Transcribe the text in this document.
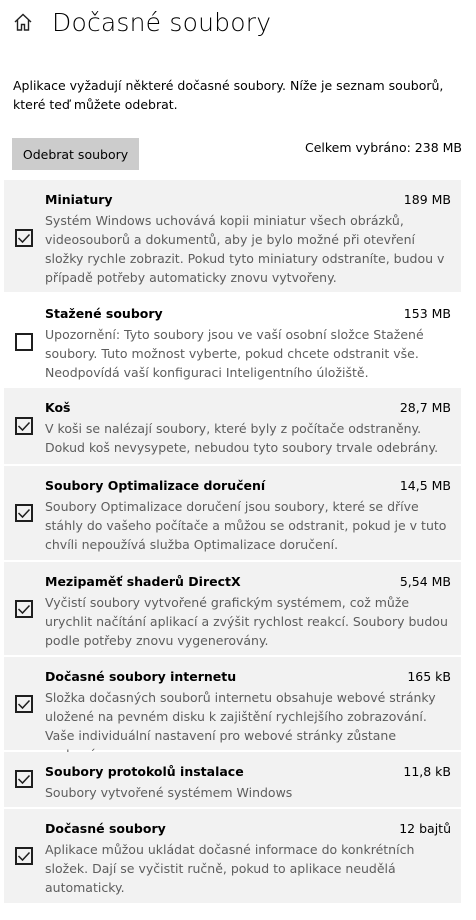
Dočasné soubory
Aplikace vyžadují některé dočasné soubory. Níže je seznam souborů,
které teď můžete odebrat.
Odebrat soubory	Celkem vybráno: 238 MB
Miniatury	189 MB
Systém Windows uchovává kopii miniatur všech obrázků, videosouborů a dokumentů, aby je bylo možné při otevření složky rychle zobrazit. Pokud tyto miniatury odstraníte, budou v případě potřeby automaticky znovu vytvořeny.
Stažené soubory	153 MB
Upozornění: Tyto soubory jsou ve vaší osobní složce Stažené soubory. Tuto možnost vyberte, pokud chcete odstranit vše. Neodpovídá vaší konfiguraci Inteligentního úložiště.
Koš	28,7 MB
V koši se nalézají soubory, které byly z počítače odstraněny. Dokud koš nevysypete, nebudou tyto soubory trvale odebrány.
Soubory Optimalizace doručení	14,5 MB
Soubory Optimalizace doručení jsou soubory, které se dříve stáhly do vašeho počítače a můžou se odstranit, pokud je v tuto chvíli nepoužívá služba Optimalizace doručení.
Mezipaměť shaderů DirectX	5,54 MB
Vyčistí soubory vytvořené grafickým systémem, což může urychlit načítání aplikací a zvýšit rychlost reakcí. Soubory budou podle potřeby znovu vygenerovány.
Dočasné soubory internetu	165 kB
Složka dočasných souborů internetu obsahuje webové stránky uložené na pevném disku k zajištění rychlejšího zobrazování. Vaše individuální nastavení pro webové stránky zůstane
Soubory protokolů instalace	11,8 kB
Soubory vytvořené systémem Windows
Dočasné soubory	12 bajtů
Aplikace můžou ukládat dočasné informace do konkrétních složek. Dají se vyčistit ručně, pokud to aplikace neudělá automaticky.
